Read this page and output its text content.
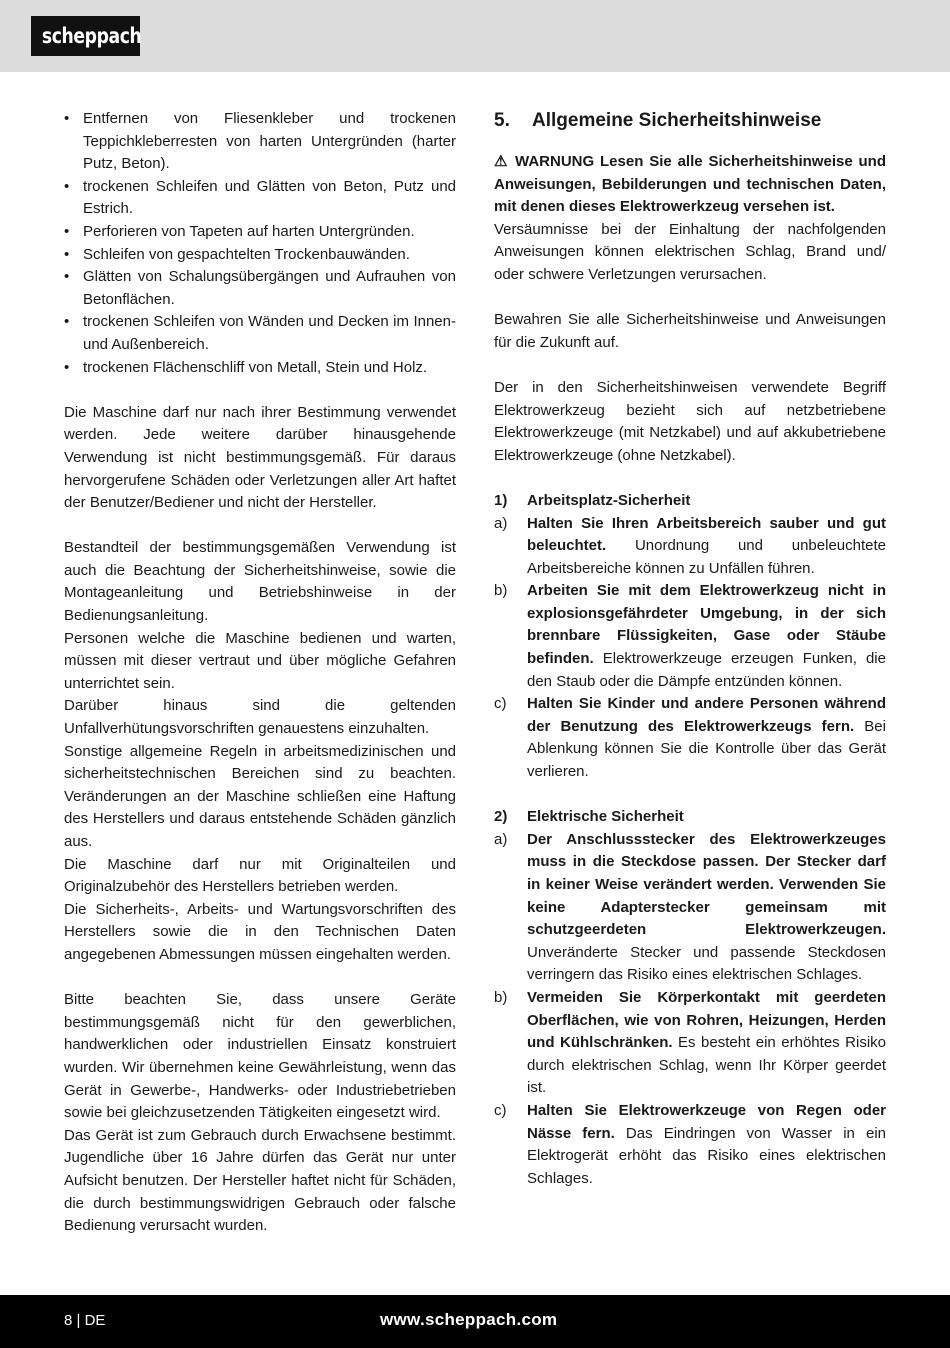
scheppach
• Entfernen von Fliesenkleber und trockenen Teppichkleberresten von harten Untergründen (harter Putz, Beton).
• trockenen Schleifen und Glätten von Beton, Putz und Estrich.
• Perforieren von Tapeten auf harten Untergründen.
• Schleifen von gespachtelten Trockenbauwänden.
• Glätten von Schalungsübergängen und Aufrauhen von Betonflächen.
• trockenen Schleifen von Wänden und Decken im Innen- und Außenbereich.
• trockenen Flächenschliff von Metall, Stein und Holz.

Die Maschine darf nur nach ihrer Bestimmung verwendet werden. Jede weitere darüber hinausgehende Verwendung ist nicht bestimmungsgemäß. Für daraus hervorgerufene Schäden oder Verletzungen aller Art haftet der Benutzer/Bediener und nicht der Hersteller.

Bestandteil der bestimmungsgemäßen Verwendung ist auch die Beachtung der Sicherheitshinweise, sowie die Montageanleitung und Betriebshinweise in der Bedienungsanleitung.

Personen welche die Maschine bedienen und warten, müssen mit dieser vertraut und über mögliche Gefahren unterrichtet sein.

Darüber hinaus sind die geltenden Unfallverhütungsvorschriften genauestens einzuhalten.

Sonstige allgemeine Regeln in arbeitsmedizinischen und sicherheitstechnischen Bereichen sind zu beachten. Veränderungen an der Maschine schließen eine Haftung des Herstellers und daraus entstehende Schäden gänzlich aus.

Die Maschine darf nur mit Originalteilen und Originalzubehör des Herstellers betrieben werden.

Die Sicherheits-, Arbeits- und Wartungsvorschriften des Herstellers sowie die in den Technischen Daten angegebenen Abmessungen müssen eingehalten werden.

Bitte beachten Sie, dass unsere Geräte bestimmungsgemäß nicht für den gewerblichen, handwerklichen oder industriellen Einsatz konstruiert wurden. Wir übernehmen keine Gewährleistung, wenn das Gerät in Gewerbe-, Handwerks- oder Industriebetrieben sowie bei gleichzusetzenden Tätigkeiten eingesetzt wird.

Das Gerät ist zum Gebrauch durch Erwachsene bestimmt. Jugendliche über 16 Jahre dürfen das Gerät nur unter Aufsicht benutzen. Der Hersteller haftet nicht für Schäden, die durch bestimmungswidrigen Gebrauch oder falsche Bedienung verursacht wurden.

5.	Allgemeine Sicherheitshinweise

⚠ WARNUNG Lesen Sie alle Sicherheitshinweise und Anweisungen, Bebilderungen und technischen Daten, mit denen dieses Elektrowerkzeug versehen ist.

Versäumnisse bei der Einhaltung der nachfolgenden Anweisungen können elektrischen Schlag, Brand und/ oder schwere Verletzungen verursachen.

Bewahren Sie alle Sicherheitshinweise und Anweisungen für die Zukunft auf.

Der in den Sicherheitshinweisen verwendete Begriff Elektrowerkzeug bezieht sich auf netzbetriebene Elektrowerkzeuge (mit Netzkabel) und auf akkubetriebene Elektrowerkzeuge (ohne Netzkabel).

1)	Arbeitsplatz-Sicherheit
a)	Halten Sie Ihren Arbeitsbereich sauber und gut beleuchtet. Unordnung und unbeleuchtete Arbeitsbereiche können zu Unfällen führen.
b)	Arbeiten Sie mit dem Elektrowerkzeug nicht in explosionsgefährdeter Umgebung, in der sich brennbare Flüssigkeiten, Gase oder Stäube befinden. Elektrowerkzeuge erzeugen Funken, die den Staub oder die Dämpfe entzünden können.
c)	Halten Sie Kinder und andere Personen während der Benutzung des Elektrowerkzeugs fern. Bei Ablenkung können Sie die Kontrolle über das Gerät verlieren.
2)	Elektrische Sicherheit
a)	Der Anschlussstecker des Elektrowerkzeuges muss in die Steckdose passen. Der Stecker darf in keiner Weise verändert werden. Verwenden Sie keine Adapterstecker gemeinsam mit schutzgeerdeten Elektrowerkzeugen. Unveränderte Stecker und passende Steckdosen verringern das Risiko eines elektrischen Schlages.
b)	Vermeiden Sie Körperkontakt mit geerdeten Oberflächen, wie von Rohren, Heizungen, Herden und Kühlschränken. Es besteht ein erhöhtes Risiko durch elektrischen Schlag, wenn Ihr Körper geerdet ist.
c)	Halten Sie Elektrowerkzeuge von Regen oder Nässe fern. Das Eindringen von Wasser in ein Elektrogerät erhöht das Risiko eines elektrischen Schlages.
8 | DE	www.scheppach.com
